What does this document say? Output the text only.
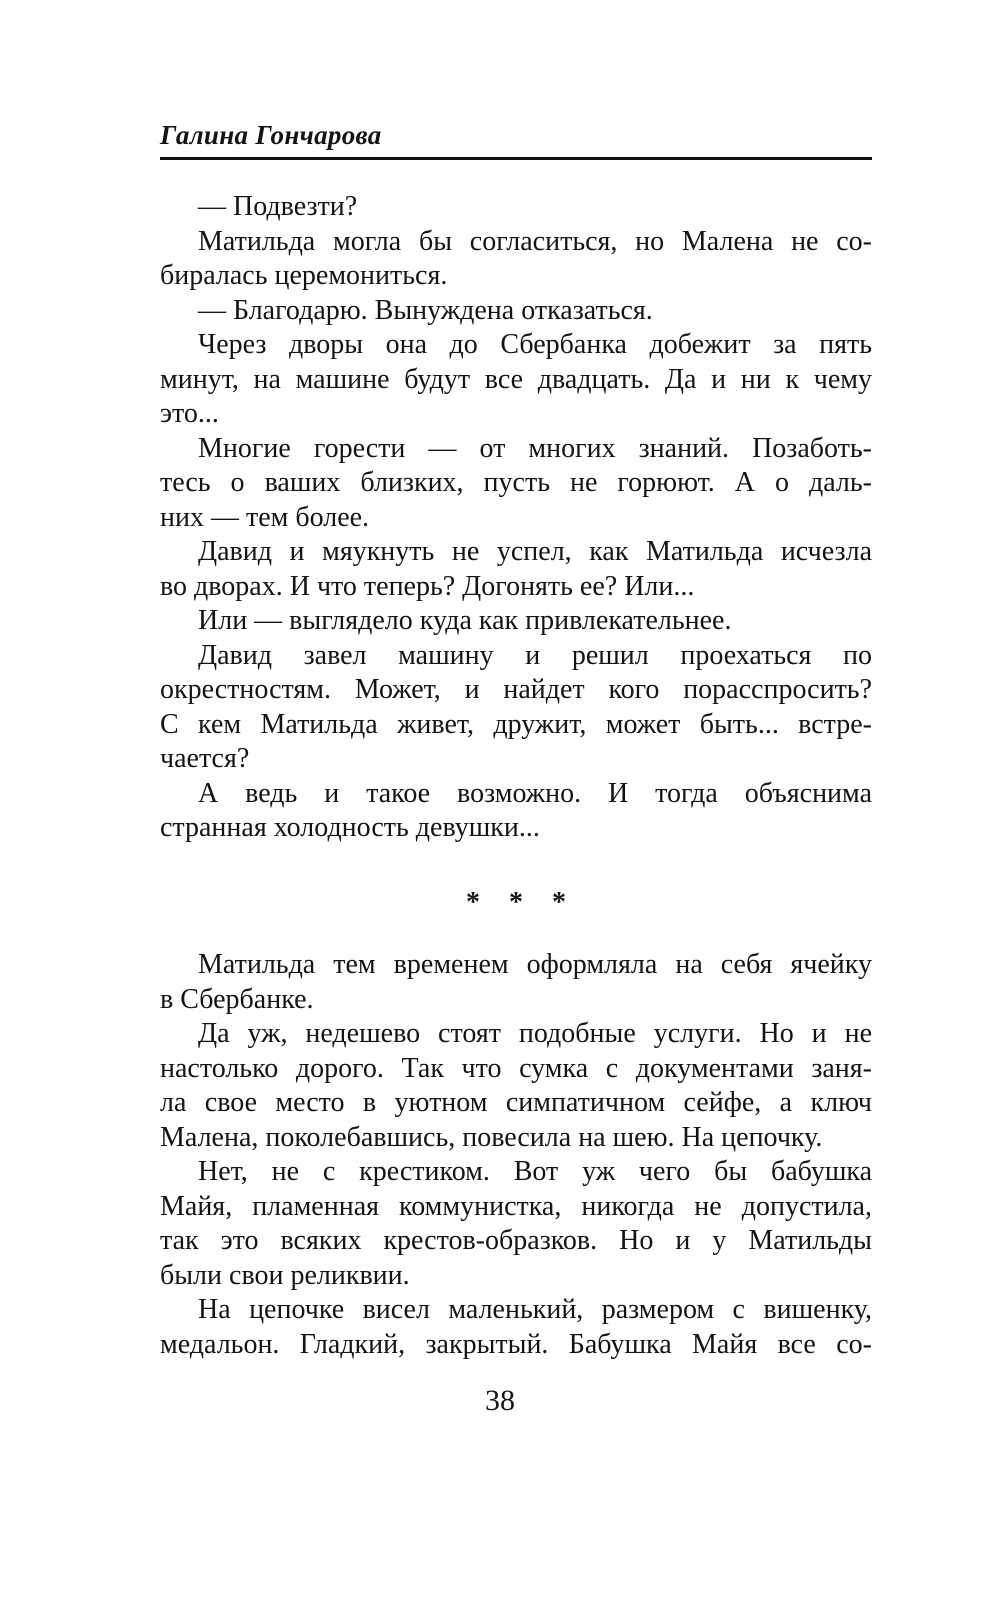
Галина Гончарова
— Подвезти?
Матильда могла бы согласиться, но Малена не со-
биралась церемониться.
— Благодарю. Вынуждена отказаться.
Через дворы она до Сбербанка добежит за пять
минут, на машине будут все двадцать. Да и ни к чему
это...
Многие горести — от многих знаний. Позаботь-
тесь о ваших близких, пусть не горюют. А о даль-
них — тем более.
Давид и мяукнуть не успел, как Матильда исчезла
во дворах. И что теперь? Догонять ее? Или...
Или — выглядело куда как привлекательнее.
Давид завел машину и решил проехаться по
окрестностям. Может, и найдет кого порасспросить?
С кем Матильда живет, дружит, может быть... встре-
чается?
А ведь и такое возможно. И тогда объяснима
странная холодность девушки...
* * *
Матильда тем временем оформляла на себя ячейку
в Сбербанке.
Да уж, недешево стоят подобные услуги. Но и не
настолько дорого. Так что сумка с документами заня-
ла свое место в уютном симпатичном сейфе, а ключ
Малена, поколебавшись, повесила на шею. На цепочку.
Нет, не с крестиком. Вот уж чего бы бабушка
Майя, пламенная коммунистка, никогда не допустила,
так это всяких крестов-образков. Но и у Матильды
были свои реликвии.
На цепочке висел маленький, размером с вишенку,
медальон. Гладкий, закрытый. Бабушка Майя все со-
38
